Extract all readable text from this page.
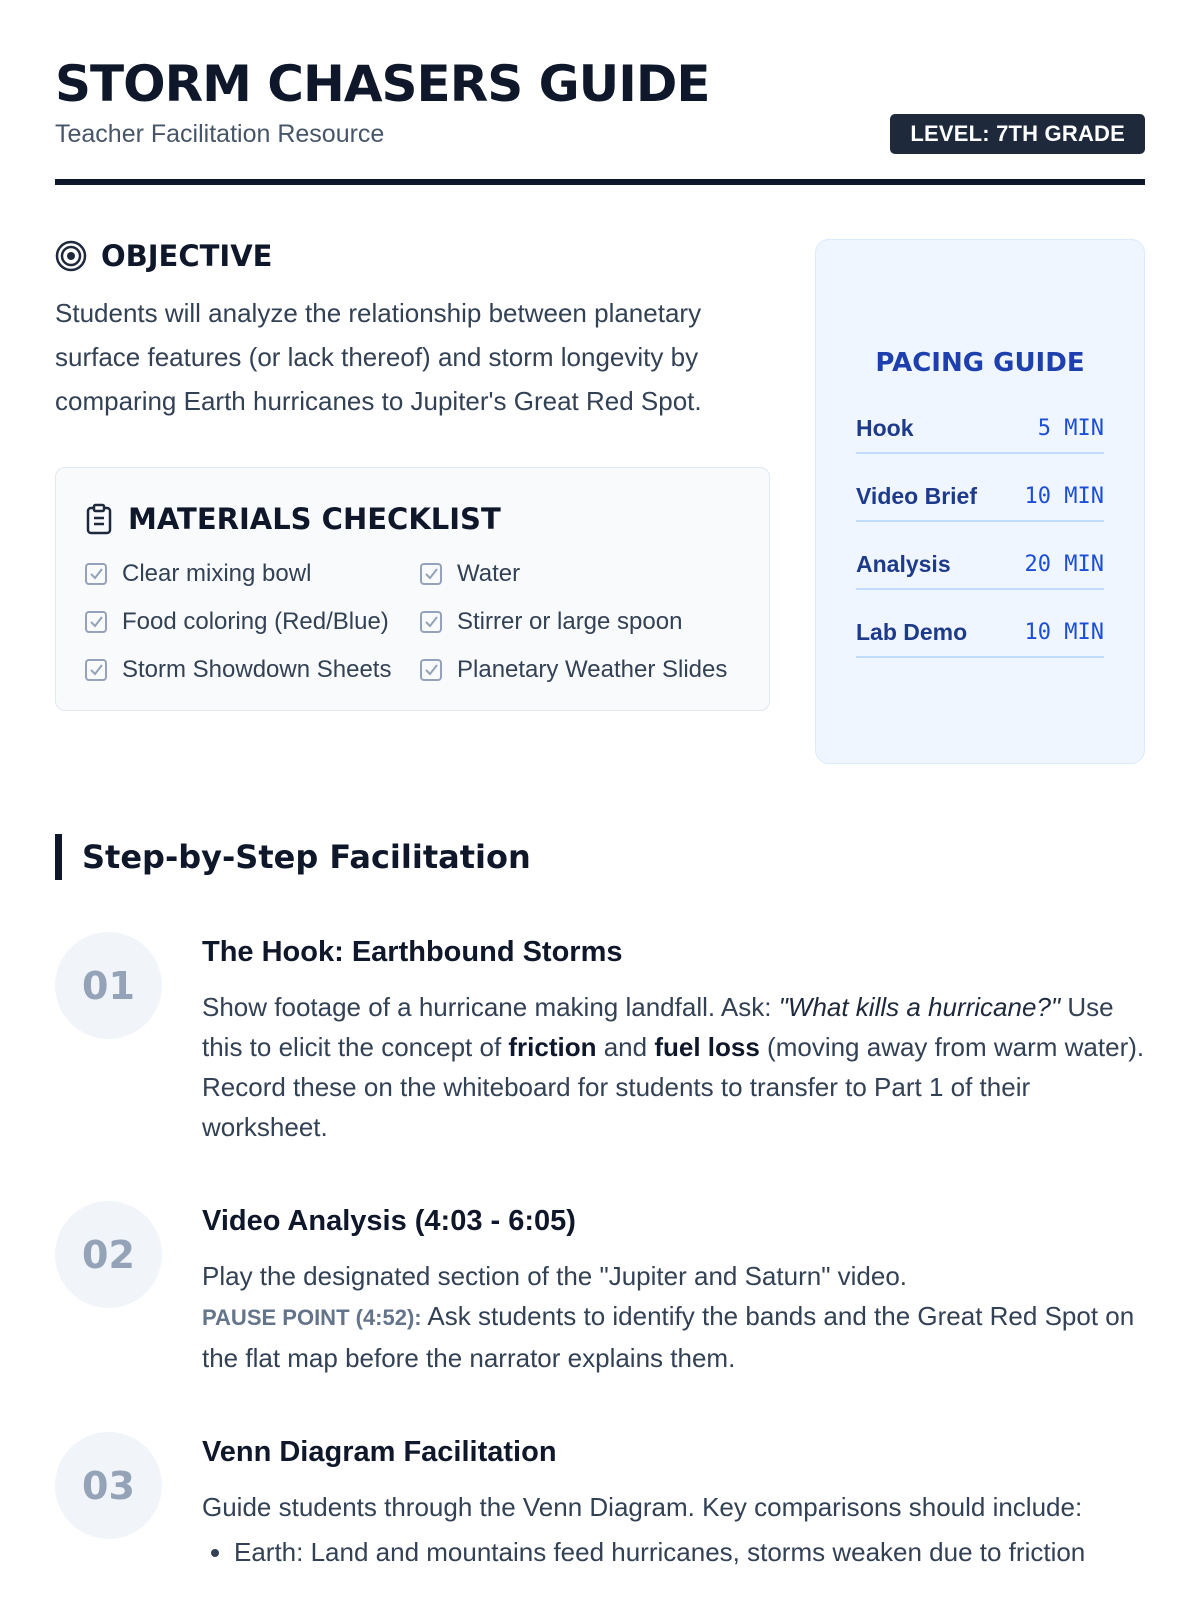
STORM CHASERS GUIDE
Teacher Facilitation Resource	LEVEL: 7TH GRADE
OBJECTIVE

Students will analyze the relationship between planetary surface features (or lack thereof) and storm longevity by comparing Earth hurricanes to Jupiter's Great Red Spot.

MATERIALS CHECKLIST
Clear mixing bowl	Water
Food coloring (Red/Blue)	Stirrer or large spoon
Storm Showdown Sheets	Planetary Weather Slides
PACING GUIDE
Hook	5 MIN
Video Brief 10 MIN
Analysis	20 MIN
Lab Demo	10 MIN
Step-by-Step Facilitation
01
The Hook: Earthbound Storms

Show footage of a hurricane making landfall. Ask: "What kills a hurricane?" Use this to elicit the concept of friction and fuel loss (moving away from warm water). Record these on the whiteboard for students to transfer to Part 1 of their worksheet.

02
Video Analysis (4:03 - 6:05)

Play the designated section of the "Jupiter and Saturn" video.
PAUSE POINT (4:52): Ask students to identify the bands and the Great Red Spot on the flat map before the narrator explains them.

03
Venn Diagram Facilitation

Guide students through the Venn Diagram. Key comparisons should include:

• Earth: Land and mountains feed hurricanes, storms weaken due to friction
